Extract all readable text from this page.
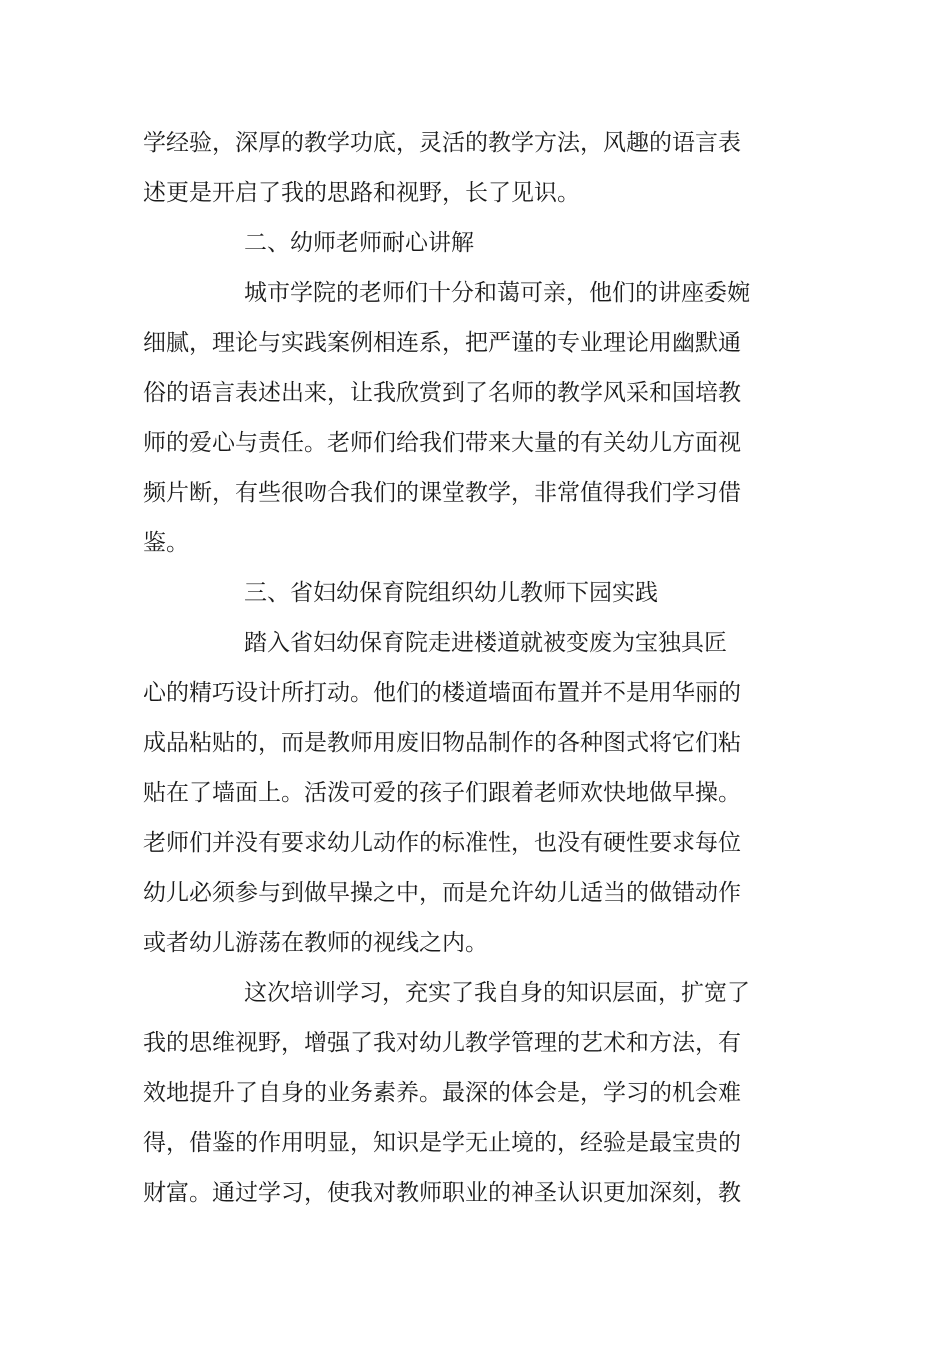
学经验，深厚的教学功底，灵活的教学方法，风趣的语言表
述更是开启了我的思路和视野，长了见识。
二、幼师老师耐心讲解
城市学院的老师们十分和蔼可亲，他们的讲座委婉
细腻，理论与实践案例相连系，把严谨的专业理论用幽默通
俗的语言表述出来，让我欣赏到了名师的教学风采和国培教
师的爱心与责任。老师们给我们带来大量的有关幼儿方面视
频片断，有些很吻合我们的课堂教学，非常值得我们学习借
鉴。
三、省妇幼保育院组织幼儿教师下园实践
踏入省妇幼保育院走进楼道就被变废为宝独具匠
心的精巧设计所打动。他们的楼道墙面布置并不是用华丽的
成品粘贴的，而是教师用废旧物品制作的各种图式将它们粘
贴在了墙面上。活泼可爱的孩子们跟着老师欢快地做早操。
老师们并没有要求幼儿动作的标准性，也没有硬性要求每位
幼儿必须参与到做早操之中，而是允许幼儿适当的做错动作
或者幼儿游荡在教师的视线之内。
这次培训学习，充实了我自身的知识层面，扩宽了
我的思维视野，增强了我对幼儿教学管理的艺术和方法，有
效地提升了自身的业务素养。最深的体会是，学习的机会难
得，借鉴的作用明显，知识是学无止境的，经验是最宝贵的
财富。通过学习，使我对教师职业的神圣认识更加深刻，教
